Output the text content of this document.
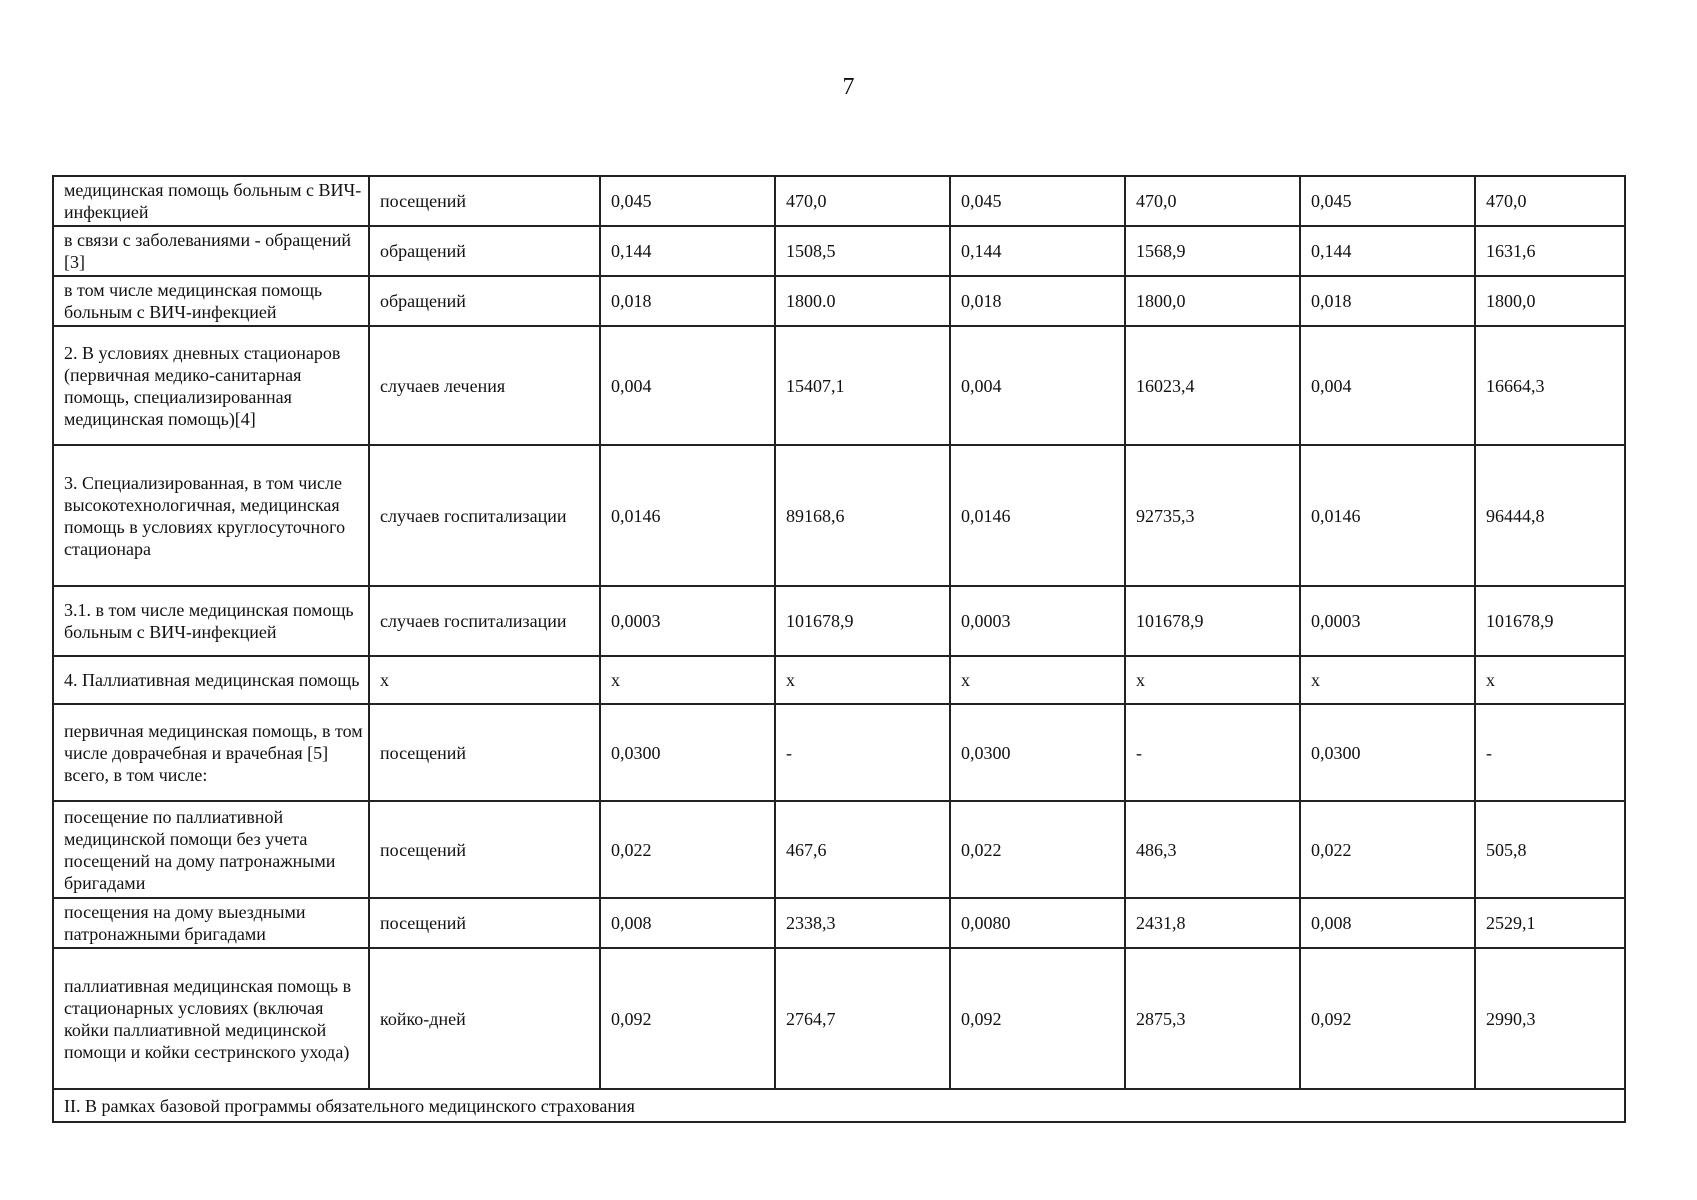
7
медицинская помощь больным с ВИЧ-инфекцией	посещений	0,045	470,0	0,045	470,0	0,045	470,0
в связи с заболеваниями - обращений [3]	обращений	0,144	1508,5	0,144	1568,9	0,144	1631,6
в том числе медицинская помощь больным с ВИЧ-инфекцией	обращений	0,018	1800.0	0,018	1800,0	0,018	1800,0
2. В условиях дневных стационаров (первичная медико-санитарная помощь, специализированная медицинская помощь)[4]	случаев лечения	0,004	15407,1	0,004	16023,4	0,004	16664,3
3. Специализированная, в том числе высокотехнологичная, медицинская помощь в условиях круглосуточного стационара	случаев госпитализации	0,0146	89168,6	0,0146	92735,3	0,0146	96444,8
3.1. в том числе медицинская помощь больным с ВИЧ-инфекцией	случаев госпитализации	0,0003	101678,9	0,0003	101678,9	0,0003	101678,9
4. Паллиативная медицинская помощь	х	х	х	х	х	х	х
первичная медицинская помощь, в том числе доврачебная и врачебная [5] всего, в том числе:	посещений	0,0300	-	0,0300	-	0,0300	-
посещение по паллиативной медицинской помощи без учета посещений на дому патронажными бригадами	посещений	0,022	467,6	0,022	486,3	0,022	505,8
посещения на дому выездными патронажными бригадами	посещений	0,008	2338,3	0,0080	2431,8	0,008	2529,1
паллиативная медицинская помощь в стационарных условиях (включая койки паллиативной медицинской помощи и койки сестринского ухода)	койко-дней	0,092	2764,7	0,092	2875,3	0,092	2990,3
II. В рамках базовой программы обязательного медицинского страхования							
